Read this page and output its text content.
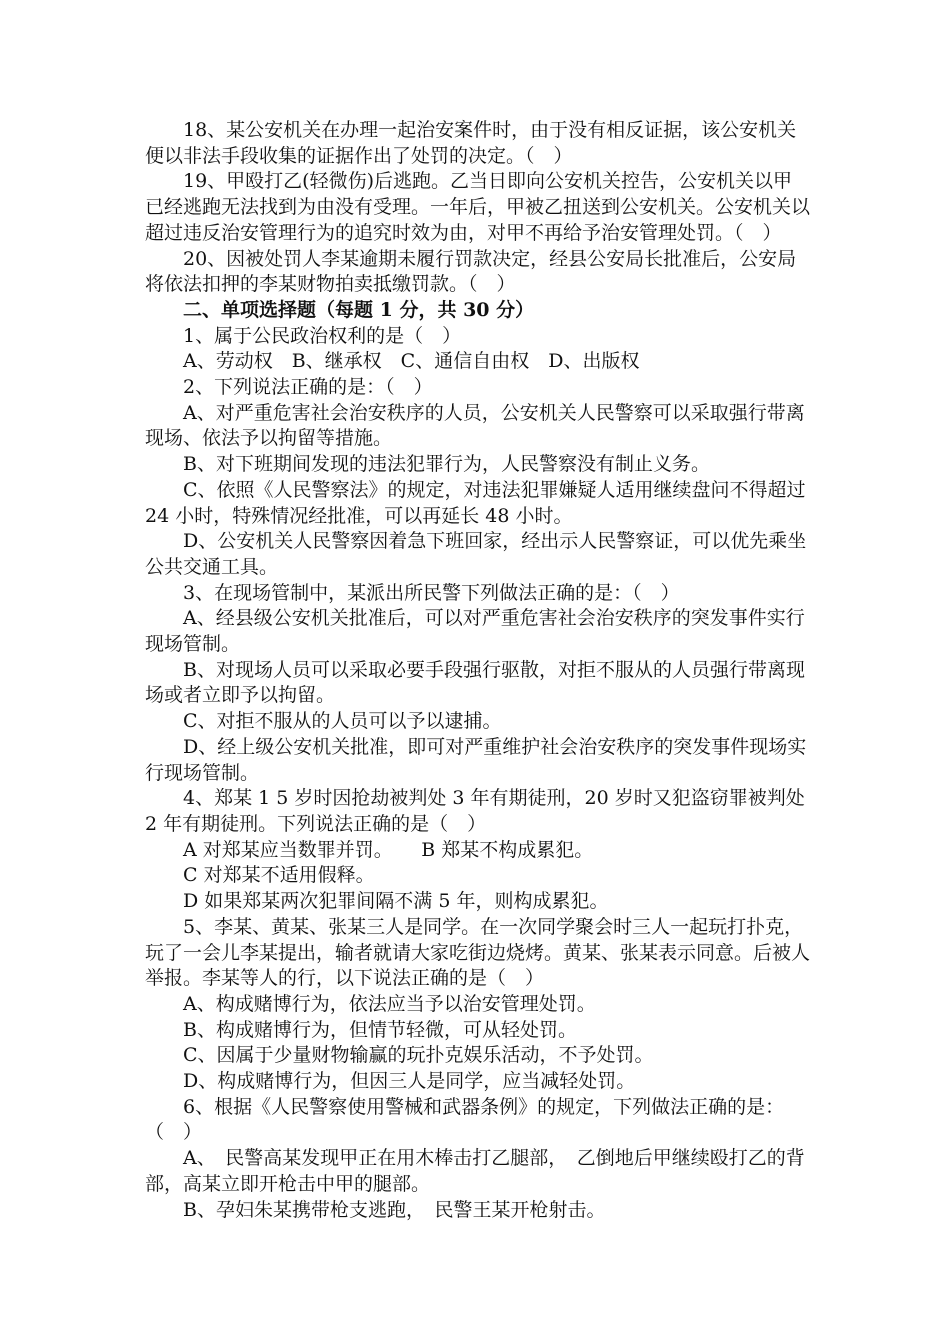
18、某公安机关在办理一起治安案件时，由于没有相反证据，该公安机关便以非法手段收集的证据作出了处罚的决定。（　）

19、甲殴打乙(轻微伤)后逃跑。乙当日即向公安机关控告，公安机关以甲已经逃跑无法找到为由没有受理。一年后，甲被乙扭送到公安机关。公安机关以超过违反治安管理行为的追究时效为由，对甲不再给予治安管理处罚。（　）

20、因被处罚人李某逾期未履行罚款决定，经县公安局长批准后，公安局将依法扣押的李某财物拍卖抵缴罚款。（　）

二、单项选择题（每题 1 分，共 30 分）

1、属于公民政治权利的是（　）

A、劳动权　B、继承权　C、通信自由权　D、出版权

2、下列说法正确的是：（　）

A、对严重危害社会治安秩序的人员，公安机关人民警察可以采取强行带离现场、依法予以拘留等措施。

B、对下班期间发现的违法犯罪行为，人民警察没有制止义务。

C、依照《人民警察法》的规定，对违法犯罪嫌疑人适用继续盘问不得超过 24 小时，特殊情况经批准，可以再延长 48 小时。

D、公安机关人民警察因着急下班回家，经出示人民警察证，可以优先乘坐公共交通工具。

3、在现场管制中，某派出所民警下列做法正确的是：（　）

A、经县级公安机关批准后，可以对严重危害社会治安秩序的突发事件实行现场管制。

B、对现场人员可以采取必要手段强行驱散，对拒不服从的人员强行带离现场或者立即予以拘留。

C、对拒不服从的人员可以予以逮捕。

D、经上级公安机关批准，即可对严重维护社会治安秩序的突发事件现场实行现场管制。

4、郑某 1 5 岁时因抢劫被判处 3 年有期徒刑，20 岁时又犯盗窃罪被判处 2 年有期徒刑。下列说法正确的是（　）

A 对郑某应当数罪并罚。　　B 郑某不构成累犯。

C 对郑某不适用假释。

D 如果郑某两次犯罪间隔不满 5 年，则构成累犯。

5、李某、黄某、张某三人是同学。在一次同学聚会时三人一起玩打扑克，玩了一会儿李某提出，输者就请大家吃街边烧烤。黄某、张某表示同意。后被人举报。李某等人的行，以下说法正确的是（　）

A、构成赌博行为，依法应当予以治安管理处罚。

B、构成赌博行为，但情节轻微，可从轻处罚。

C、因属于少量财物输赢的玩扑克娱乐活动，不予处罚。

D、构成赌博行为，但因三人是同学，应当减轻处罚。

6、根据《人民警察使用警械和武器条例》的规定，下列做法正确的是：（　）

A、　民警高某发现甲正在用木棒击打乙腿部，　乙倒地后甲继续殴打乙的背部，高某立即开枪击中甲的腿部。

B、孕妇朱某携带枪支逃跑，　民警王某开枪射击。
